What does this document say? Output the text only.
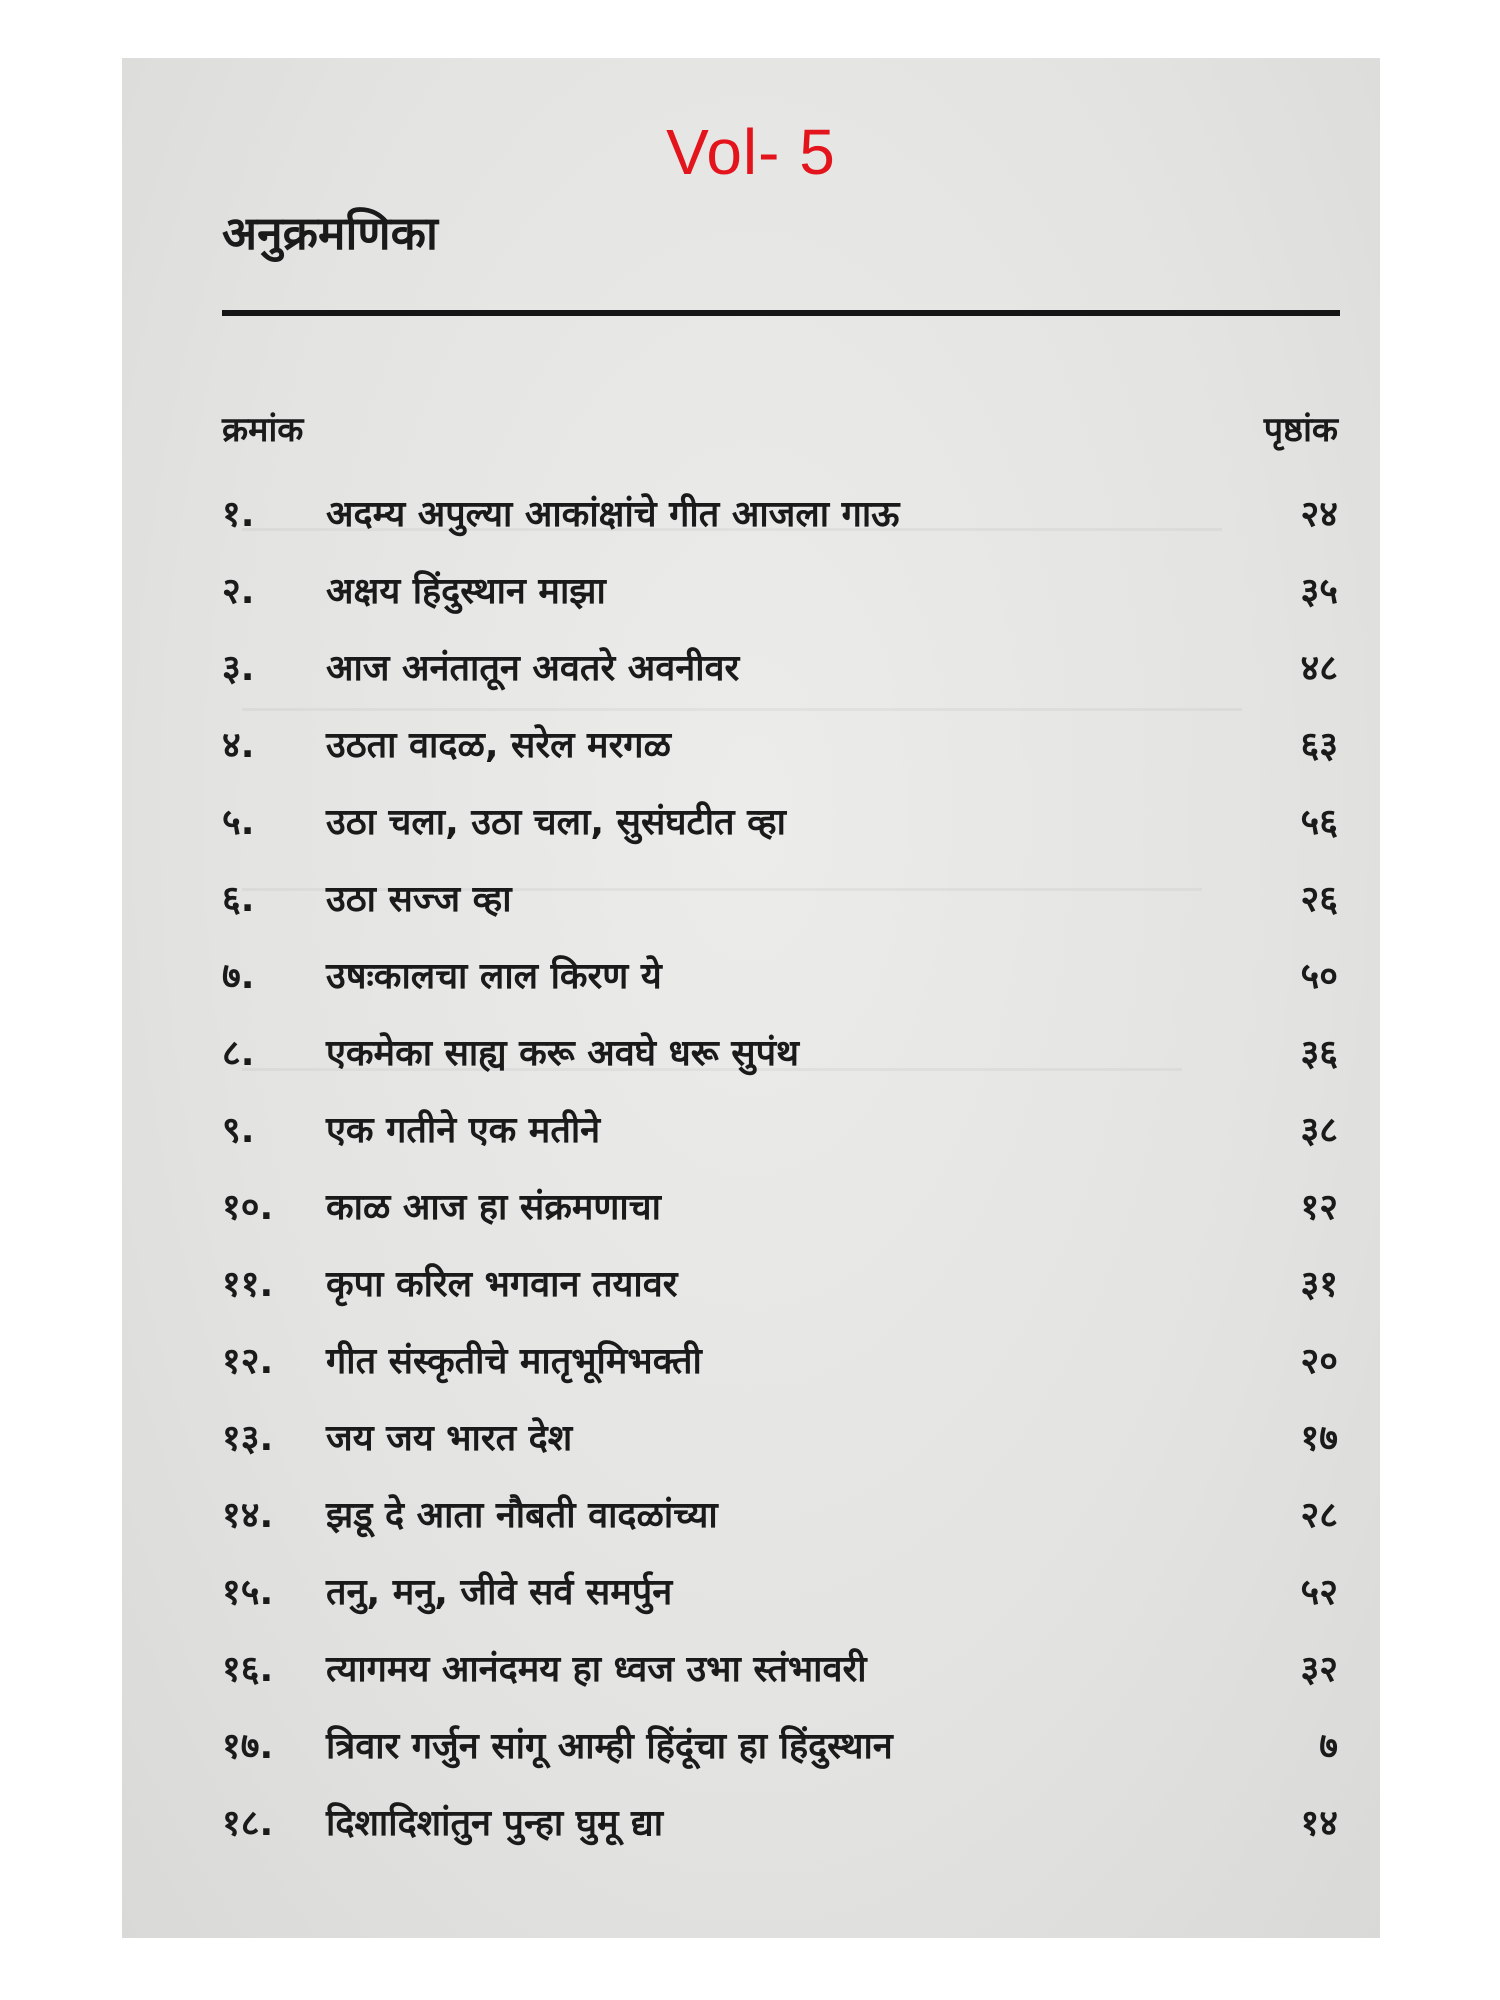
Vol- 5
अनुक्रमणिका
क्रमांक	पृष्ठांक
१. अदम्य अपुल्या आकांक्षांचे गीत आजला गाऊ	२४
२. अक्षय हिंदुस्थान माझा	३५
३. आज अनंतातून अवतरे अवनीवर	४८
४. उठता वादळ, सरेल मरगळ	६३
५. उठा चला, उठा चला, सुसंघटीत व्हा	५६
६. उठा सज्ज व्हा	२६
७. उषःकालचा लाल किरण ये	५०
८. एकमेका साह्य करू अवघे धरू सुपंथ	३६
९. एक गतीने एक मतीने	३८
१०. काळ आज हा संक्रमणाचा	१२
११. कृपा करिल भगवान तयावर	३१
१२. गीत संस्कृतीचे मातृभूमिभक्ती	२०
१३. जय जय भारत देश	१७
१४. झडू दे आता नौबती वादळांच्या	२८
१५. तनु, मनु, जीवे सर्व समर्पुन	५२
१६. त्यागमय आनंदमय हा ध्वज उभा स्तंभावरी	३२
१७. त्रिवार गर्जुन सांगू आम्ही हिंदूंचा हा हिंदुस्थान	७
१८. दिशादिशांतुन पुन्हा घुमू द्या	१४
